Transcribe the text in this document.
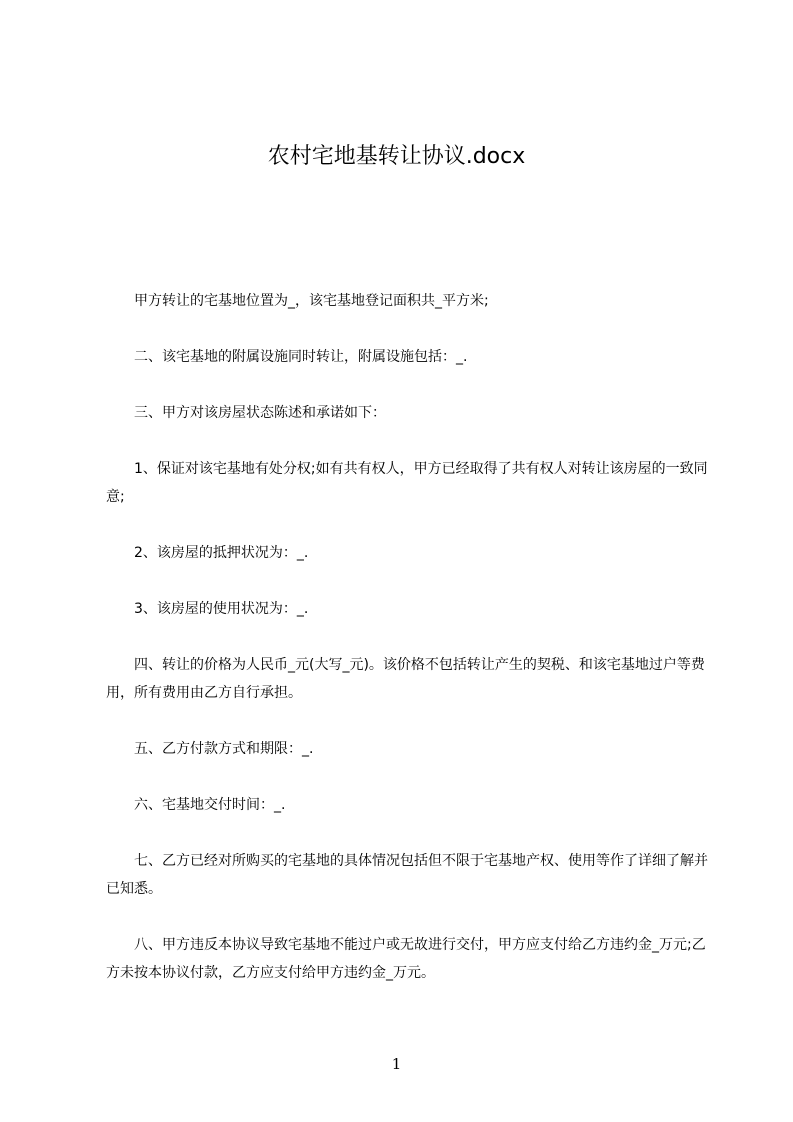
农村宅地基转让协议.docx

甲方转让的宅基地位置为_，该宅基地登记面积共_平方米;

二、该宅基地的附属设施同时转让，附属设施包括：_.

三、甲方对该房屋状态陈述和承诺如下：

1、保证对该宅基地有处分权;如有共有权人，甲方已经取得了共有权人对转让该房屋的一致同意;

2、该房屋的抵押状况为：_.

3、该房屋的使用状况为：_.

四、转让的价格为人民币_元(大写_元)。该价格不包括转让产生的契税、和该宅基地过户等费用，所有费用由乙方自行承担。

五、乙方付款方式和期限：_.

六、宅基地交付时间：_.

七、乙方已经对所购买的宅基地的具体情况包括但不限于宅基地产权、使用等作了详细了解并已知悉。

八、甲方违反本协议导致宅基地不能过户或无故进行交付，甲方应支付给乙方违约金_万元;乙方未按本协议付款，乙方应支付给甲方违约金_万元。

1
